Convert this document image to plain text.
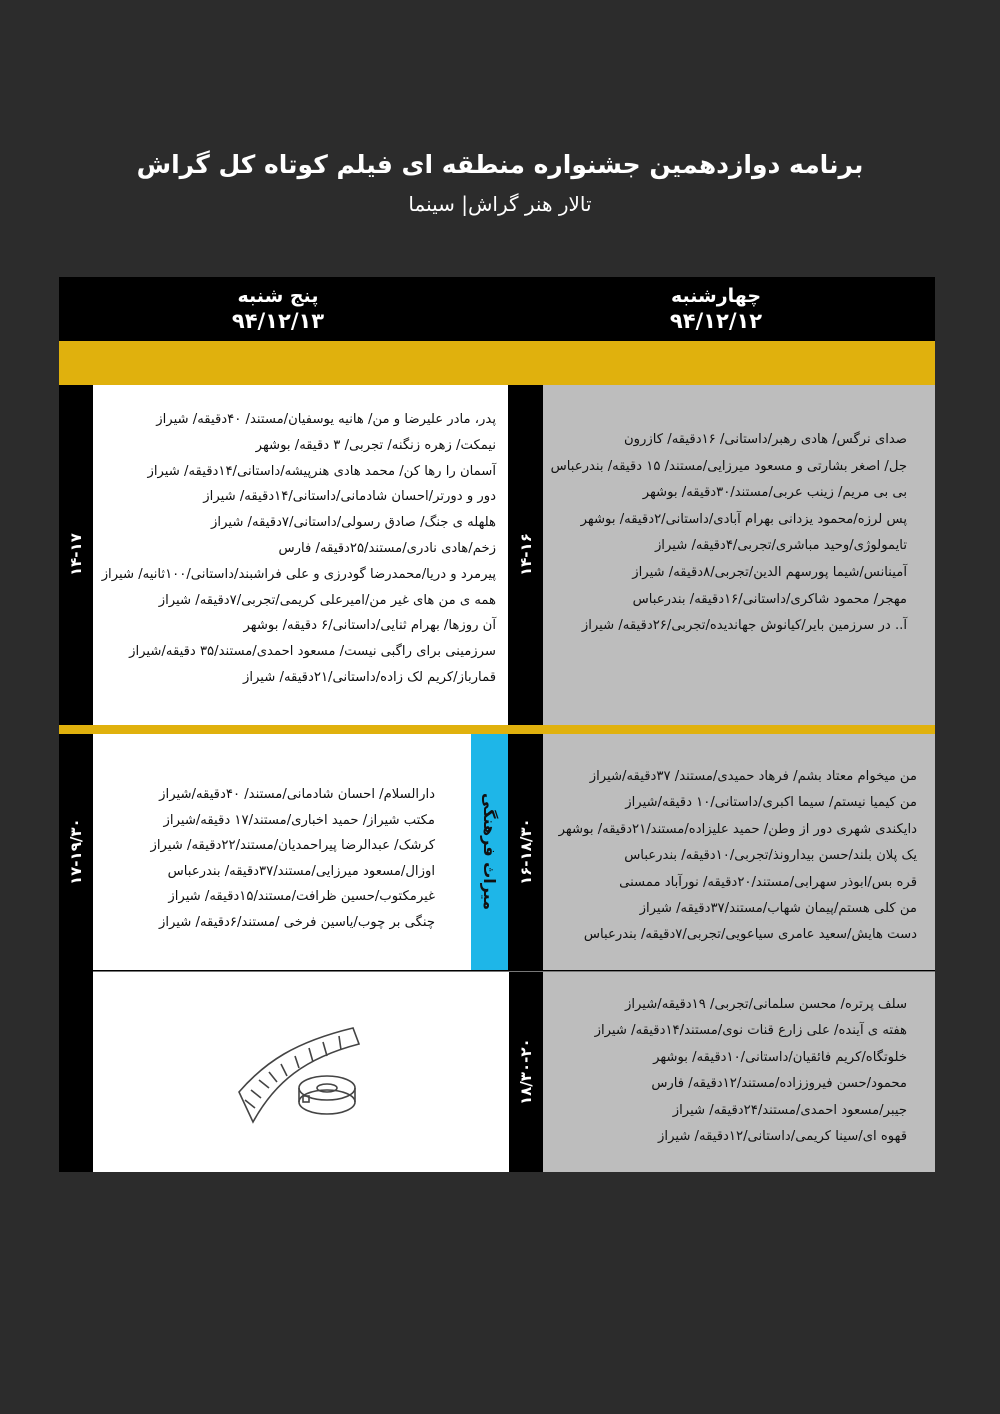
برنامه دوازدهمین جشنواره منطقه ای فیلم کوتاه کل گراش
تالار هنر گراش| سینما
پنج شنبه
۹۴/۱۲/۱۳
چهارشنبه
۹۴/۱۲/۱۲
۱۴-۱۷
پدر، مادر علیرضا و من/ هانیه یوسفیان/مستند/ ۴۰دقیقه/ شیراز
نیمکت/ زهره زنگنه/ تجربی/ ۳ دقیقه/ بوشهر
آسمان را رها کن/ محمد هادی هنرپیشه/داستانی/۱۴دقیقه/ شیراز
دور و دورتر/احسان شادمانی/داستانی/۱۴دقیقه/ شیراز
هلهله ی جنگ/ صادق رسولی/داستانی/۷دقیقه/ شیراز
زخم/هادی نادری/مستند/۲۵دقیقه/ فارس
پیرمرد و دریا/محمدرضا گودرزی و علی فراشبند/داستانی/۱۰۰ثانیه/ شیراز
همه ی من های غیر من/امیرعلی کریمی/تجربی/۷دقیقه/ شیراز
آن روزها/ بهرام ثنایی/داستانی/۶ دقیقه/ بوشهر
سرزمینی برای راگبی نیست/ مسعود احمدی/مستند/۳۵ دقیقه/شیراز
قمارباز/کریم لک زاده/داستانی/۲۱دقیقه/ شیراز
۱۴-۱۶
صدای نرگس/ هادی رهبر/داستانی/ ۱۶دقیقه/ کازرون
جل/ اصغر بشارتی و مسعود میرزایی/مستند/ ۱۵ دقیقه/ بندرعباس
بی بی مریم/ زینب عربی/مستند/۳۰دقیقه/ بوشهر
پس لرزه/محمود یزدانی بهرام آبادی/داستانی/۲دقیقه/ بوشهر
تایمولوژی/وحید مباشری/تجربی/۴دقیقه/ شیراز
آمینانس/شیما پورسهم الدین/تجربی/۸دقیقه/ شیراز
مهجر/ محمود شاکری/داستانی/۱۶دقیقه/ بندرعباس
آ.. در سرزمین بایر/کیانوش جهاندیده/تجربی/۲۶دقیقه/ شیراز
۱۷-۱۹/۳۰
دارالسلام/ احسان شادمانی/مستند/ ۴۰دقیقه/شیراز
مکتب شیراز/ حمید اخباری/مستند/۱۷ دقیقه/شیراز
کرشک/ عبدالرضا پیراحمدیان/مستند/۲۲دقیقه/ شیراز
اوزال/مسعود میرزایی/مستند/۳۷دقیقه/ بندرعباس
غیرمکتوب/حسین ظرافت/مستند/۱۵دقیقه/ شیراز
چنگی بر چوب/یاسین فرخی /مستند/۶دقیقه/ شیراز
میراث فرهنگی	۱۶-۱۸/۳۰
من میخوام معتاد بشم/ فرهاد حمیدی/مستند/ ۳۷دقیقه/شیراز
من کیمیا نیستم/ سیما اکبری/داستانی/۱۰ دقیقه/شیراز
دایکندی شهری دور از وطن/ حمید علیزاده/مستند/۲۱دقیقه/ بوشهر
یک پلان بلند/حسن بیدارونذ/تجربی/۱۰دقیقه/ بندرعباس
قره بس/ابوذر سهرابی/مستند/۲۰دقیقه/ نورآباد ممسنی
من کلی هستم/پیمان شهاب/مستند/۳۷دقیقه/ شیراز
دست هایش/سعید عامری سیاعویی/تجربی/۷دقیقه/ بندرعباس
۱۸/۳۰-۲۰
سلف پرتره/ محسن سلمانی/تجربی/ ۱۹دقیقه/شیراز
هفته ی آینده/ علی زارع قنات نوی/مستند/۱۴دقیقه/ شیراز
خلوتگاه/کریم فائقیان/داستانی/۱۰دقیقه/ بوشهر
محمود/حسن فیروززاده/مستند/۱۲دقیقه/ فارس
جیبر/مسعود احمدی/مستند/۲۴دقیقه/ شیراز
قهوه ای/سینا کریمی/داستانی/۱۲دقیقه/ شیراز
